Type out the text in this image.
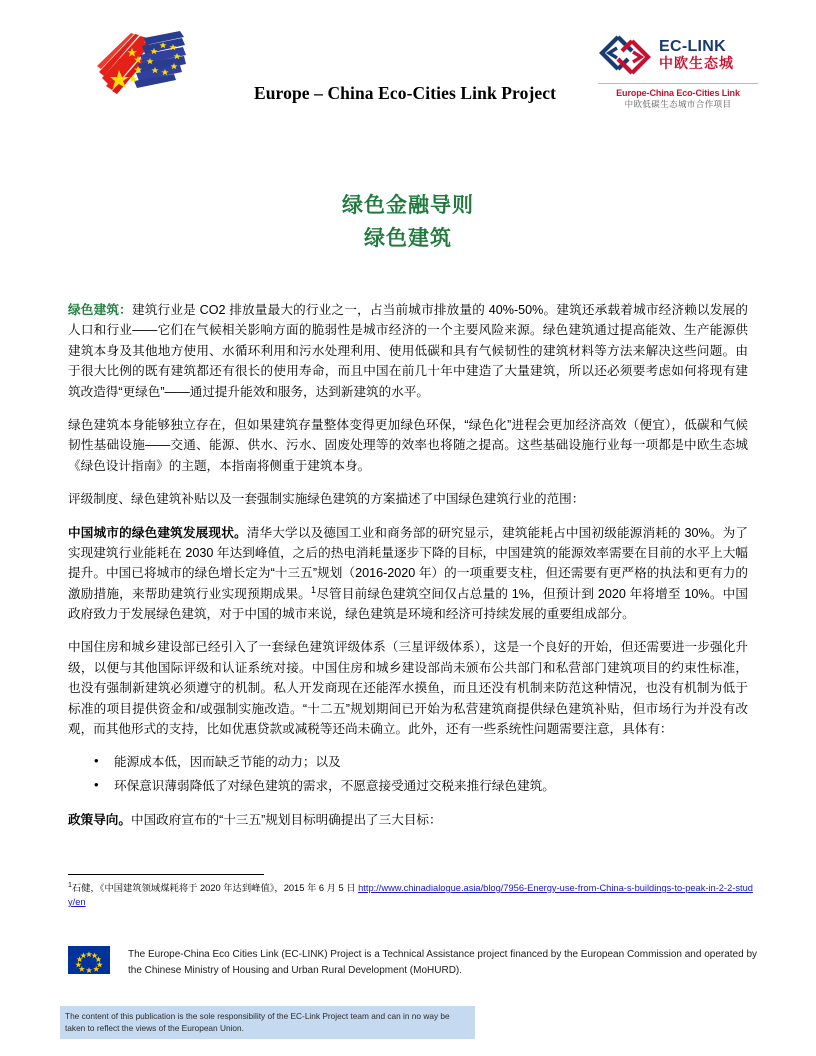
Europe – China Eco-Cities Link Project
EC-LINK
中欧生态城
Europe-China Eco-Cities Link
中欧低碳生态城市合作项目
绿色金融导则
绿色建筑

绿色建筑：建筑行业是 CO2 排放量最大的行业之一，占当前城市排放量的 40%-50%。建筑还承载着城市经济赖以发展的人口和行业——它们在气候相关影响方面的脆弱性是城市经济的一个主要风险来源。绿色建筑通过提高能效、生产能源供建筑本身及其他地方使用、水循环利用和污水处理利用、使用低碳和具有气候韧性的建筑材料等方法来解决这些问题。由于很大比例的既有建筑都还有很长的使用寿命，而且中国在前几十年中建造了大量建筑，所以还必须要考虑如何将现有建筑改造得“更绿色”——通过提升能效和服务，达到新建筑的水平。

绿色建筑本身能够独立存在，但如果建筑存量整体变得更加绿色环保，“绿色化”进程会更加经济高效（便宜），低碳和气候韧性基础设施——交通、能源、供水、污水、固废处理等的效率也将随之提高。这些基础设施行业每一项都是中欧生态城《绿色设计指南》的主题，本指南将侧重于建筑本身。

评级制度、绿色建筑补贴以及一套强制实施绿色建筑的方案描述了中国绿色建筑行业的范围：

中国城市的绿色建筑发展现状。清华大学以及德国工业和商务部的研究显示，建筑能耗占中国初级能源消耗的 30%。为了实现建筑行业能耗在 2030 年达到峰值，之后的热电消耗量逐步下降的目标，中国建筑的能源效率需要在目前的水平上大幅提升。中国已将城市的绿色增长定为“十三五”规划（2016-2020 年）的一项重要支柱，但还需要有更严格的执法和更有力的激励措施，来帮助建筑行业实现预期成果。$^1$尽管目前绿色建筑空间仅占总量的 1%，但预计到 2020 年将增至 10%。中国政府致力于发展绿色建筑，对于中国的城市来说，绿色建筑是环境和经济可持续发展的重要组成部分。

中国住房和城乡建设部已经引入了一套绿色建筑评级体系（三星评级体系），这是一个良好的开始，但还需要进一步强化升级，以便与其他国际评级和认证系统对接。中国住房和城乡建设部尚未颁布公共部门和私营部门建筑项目的约束性标准，也没有强制新建筑必须遵守的机制。私人开发商现在还能浑水摸鱼，而且还没有机制来防范这种情况，也没有机制为低于标准的项目提供资金和/或强制实施改造。“十二五”规划期间已开始为私营建筑商提供绿色建筑补贴，但市场行为并没有改观，而其他形式的支持，比如优惠贷款或减税等还尚未确立。此外，还有一些系统性问题需要注意，具体有：

• 能源成本低，因而缺乏节能的动力；以及
• 环保意识薄弱降低了对绿色建筑的需求，不愿意接受通过交税来推行绿色建筑。

政策导向。中国政府宣布的“十三五”规划目标明确提出了三大目标：

$^1$石健，《中国建筑领域煤耗将于 2020 年达到峰值》，2015 年 6 月 5 日 http://www.chinadialogue.asia/blog/7956-Energy-use-from-China-s-buildings-to-peak-in-2-2-study/en
The Europe-China Eco Cities Link (EC-LINK) Project is a Technical Assistance project financed by the European Commission and operated by the Chinese Ministry of Housing and Urban Rural Development (MoHURD).

The content of this publication is the sole responsibility of the EC-Link Project team and can in no way be taken to reflect the views of the European Union.
